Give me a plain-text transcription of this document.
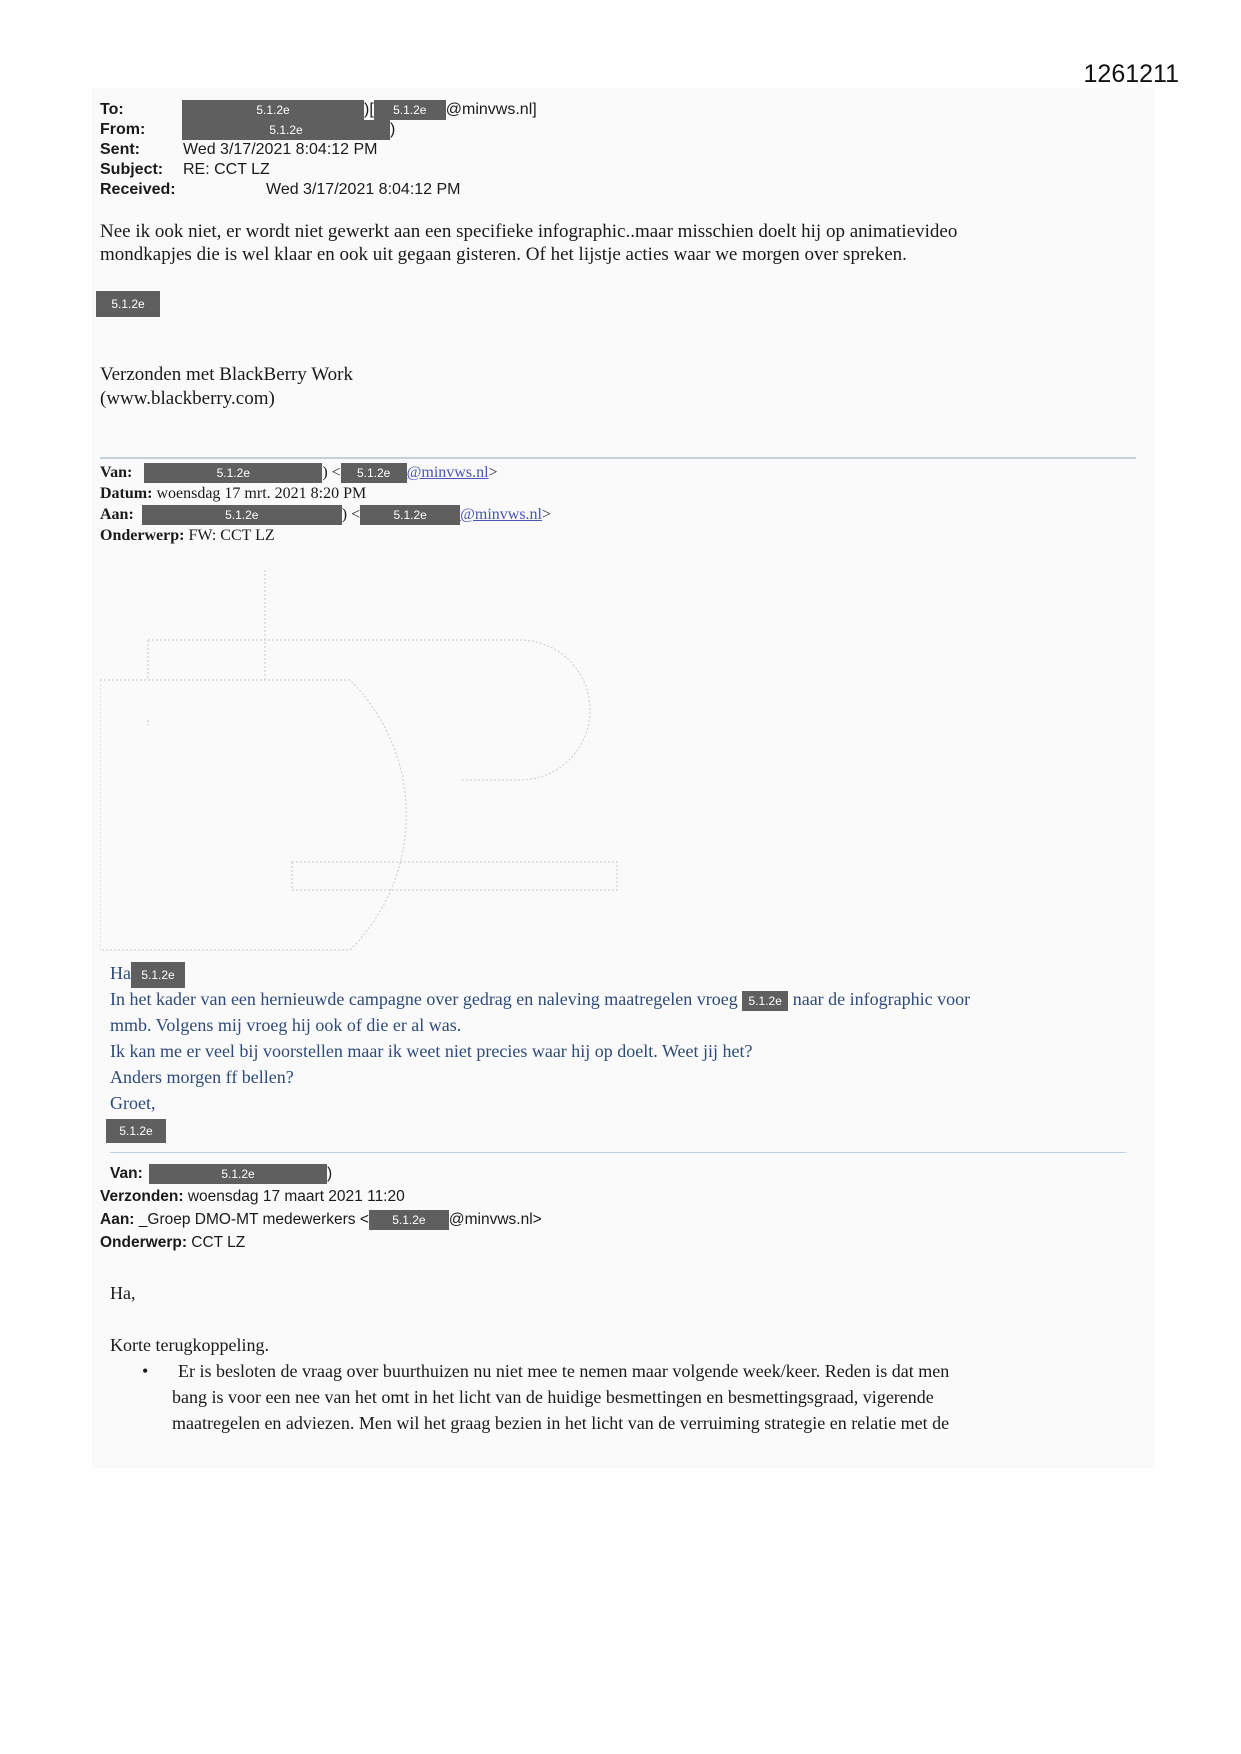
1261211
To:	5.1.2e	)[ 5.1.2e @minvws.nl]
From:	5.1.2e	)
Sent:	Wed 3/17/2021 8:04:12 PM
Subject: RE: CCT LZ
Received:	Wed 3/17/2021 8:04:12 PM
Nee ik ook niet, er wordt niet gewerkt aan een specifieke infographic..maar misschien doelt hij op animatievideo
mondkapjes die is wel klaar en ook uit gegaan gisteren. Of het lijstje acties waar we morgen over spreken.
5.1.2e
Verzonden met BlackBerry Work
(www.blackberry.com)
Van:	5.1.2e	) < 5.1.2e @minvws.nl>
Datum: woensdag 17 mrt. 2021 8:20 PM
Aan:	5.1.2e	) <	5.1.2e @minvws.nl>
Onderwerp: FW: CCT LZ
Ha 5.1.2e
In het kader van een hernieuwde campagne over gedrag en naleving maatregelen vroeg 5.1.2e naar de infographic voor
mmb. Volgens mij vroeg hij ook of die er al was.
Ik kan me er veel bij voorstellen maar ik weet niet precies waar hij op doelt. Weet jij het?
Anders morgen ff bellen?
Groet,
5.1.2e
Van:	5.1.2e	)
Verzonden: woensdag 17 maart 2021 11:20
Aan: _Groep DMO-MT medewerkers < 5.1.2e @minvws.nl>
Onderwerp: CCT LZ
Ha,
Korte terugkoppeling.
•	Er is besloten de vraag over buurthuizen nu niet mee te nemen maar volgende week/keer. Reden is dat men
bang is voor een nee van het omt in het licht van de huidige besmettingen en besmettingsgraad, vigerende
maatregelen en adviezen. Men wil het graag bezien in het licht van de verruiming strategie en relatie met de
